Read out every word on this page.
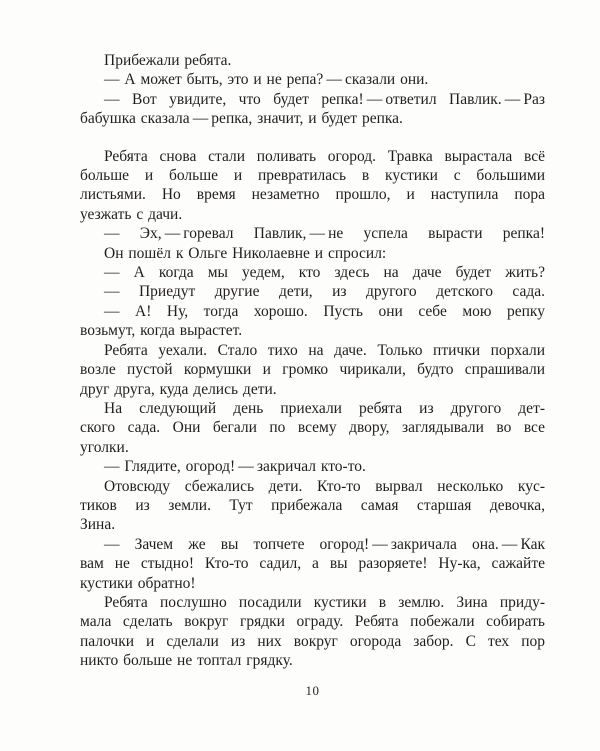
Прибежали ребята.
— А может быть, это и не репа? — сказали они.
— Вот увидите, что будет репка! — ответил Павлик. — Раз
бабушка сказала — репка, значит, и будет репка.
Ребята снова стали поливать огород. Травка вырастала всё
больше и больше и превратилась в кустики с большими
листьями. Но время незаметно прошло, и наступила пора
уезжать с дачи.
— Эх, — горевал Павлик, — не успела вырасти репка!
Он пошёл к Ольге Николаевне и спросил:
— А когда мы уедем, кто здесь на даче будет жить?
— Приедут другие дети, из другого детского сада.
— А! Ну, тогда хорошо. Пусть они себе мою репку
возьмут, когда вырастет.
Ребята уехали. Стало тихо на даче. Только птички порхали
возле пустой кормушки и громко чирикали, будто спрашивали
друг друга, куда делись дети.
На следующий день приехали ребята из другого дет-
ского сада. Они бегали по всему двору, заглядывали во все
уголки.
— Глядите, огород! — закричал кто-то.
Отовсюду сбежались дети. Кто-то вырвал несколько кус-
тиков из земли. Тут прибежала самая старшая девочка,
Зина.
— Зачем же вы топчете огород! — закричала она. — Как
вам не стыдно! Кто-то садил, а вы разоряете! Ну-ка, сажайте
кустики обратно!
Ребята послушно посадили кустики в землю. Зина приду-
мала сделать вокруг грядки ограду. Ребята побежали собирать
палочки и сделали из них вокруг огорода забор. С тех пор
никто больше не топтал грядку.
10
